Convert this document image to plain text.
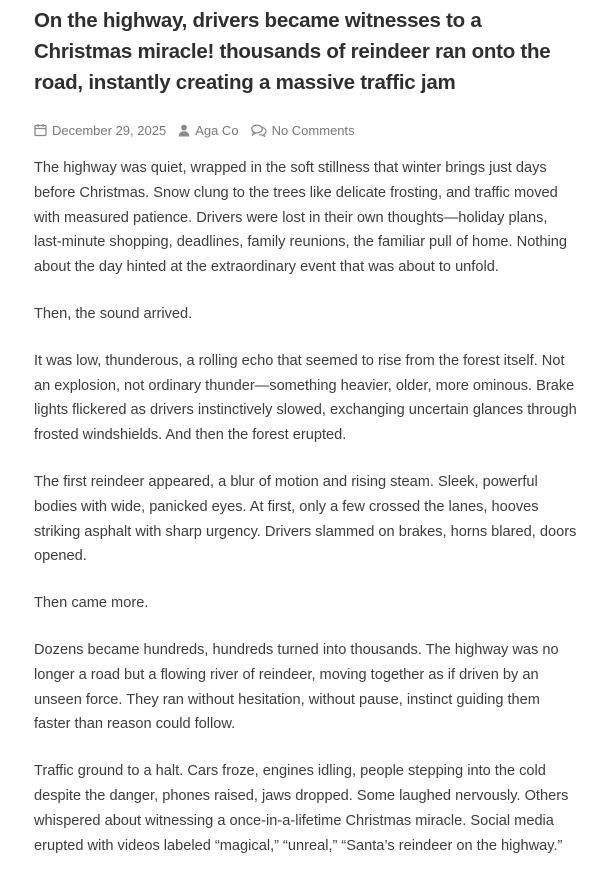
On the highway, drivers became witnesses to a Christmas miracle! thousands of reindeer ran onto the road, instantly creating a massive traffic jam
December 29, 2025 Aga Co	No Comments

The highway was quiet, wrapped in the soft stillness that winter brings just days before Christmas. Snow clung to the trees like delicate frosting, and traffic moved with measured patience. Drivers were lost in their own thoughts—holiday plans, last-minute shopping, deadlines, family reunions, the familiar pull of home. Nothing about the day hinted at the extraordinary event that was about to unfold.

Then, the sound arrived.

It was low, thunderous, a rolling echo that seemed to rise from the forest itself. Not an explosion, not ordinary thunder—something heavier, older, more ominous. Brake lights flickered as drivers instinctively slowed, exchanging uncertain glances through frosted windshields. And then the forest erupted.

The first reindeer appeared, a blur of motion and rising steam. Sleek, powerful bodies with wide, panicked eyes. At first, only a few crossed the lanes, hooves striking asphalt with sharp urgency. Drivers slammed on brakes, horns blared, doors opened.

Then came more.

Dozens became hundreds, hundreds turned into thousands. The highway was no longer a road but a flowing river of reindeer, moving together as if driven by an unseen force. They ran without hesitation, without pause, instinct guiding them faster than reason could follow.

Traffic ground to a halt. Cars froze, engines idling, people stepping into the cold despite the danger, phones raised, jaws dropped. Some laughed nervously. Others whispered about witnessing a once-in-a-lifetime Christmas miracle. Social media erupted with videos labeled “magical,” “unreal,” “Santa’s reindeer on the highway.”
